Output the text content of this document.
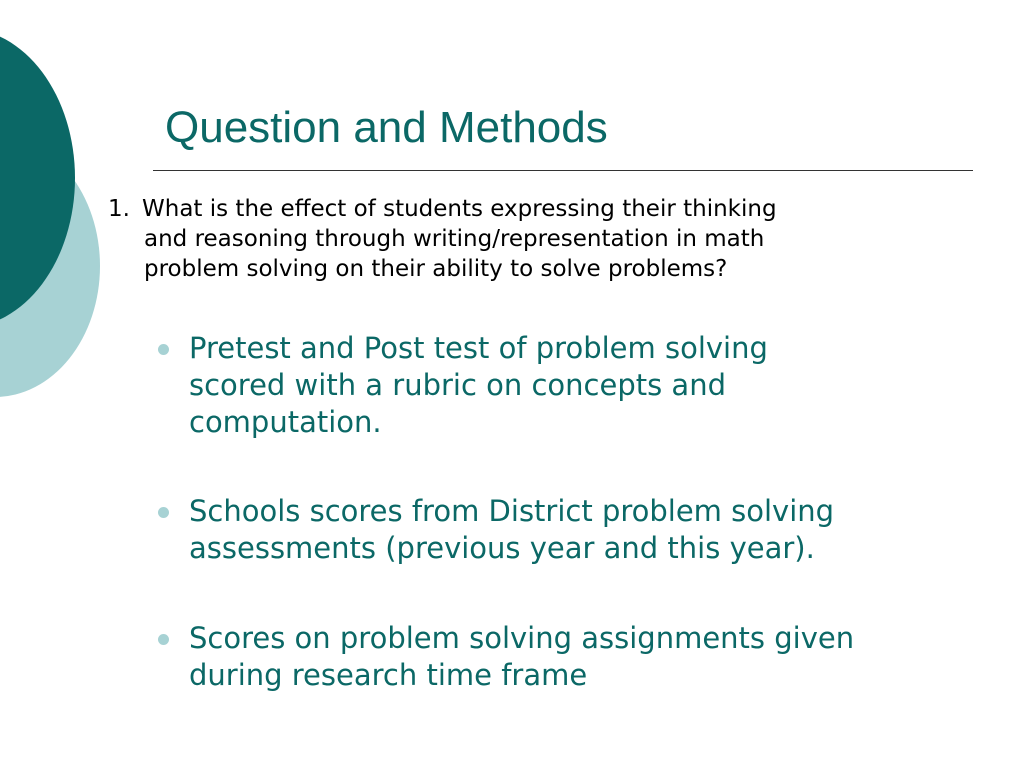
Question and Methods
1. What is the effect of students expressing their thinking
and reasoning through writing/representation in math
problem solving on their ability to solve problems?
Pretest and Post test of problem solving
scored with a rubric on concepts and
computation.
Schools scores from District problem solving
assessments (previous year and this year).
Scores on problem solving assignments given
during research time frame
